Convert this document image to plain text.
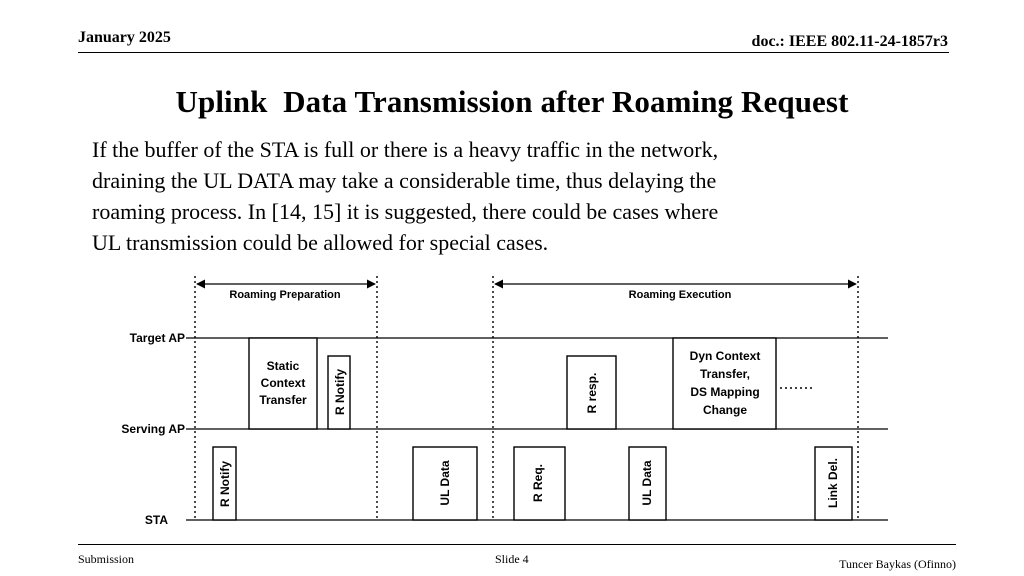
January 2025	doc.: IEEE 802.11-24-1857r3
Uplink  Data Transmission after Roaming Request

If the buffer of the STA is full or there is a heavy traffic in the network,

draining the UL DATA may take a considerable time, thus delaying the

roaming process. In [14, 15] it is suggested, there could be cases where

UL transmission could be allowed for special cases.

Roaming Preparation	Roaming Execution
Target AP
Serving AP
STA
Static
Context
Transfer R Notify	R resp.
Dyn Context
Transfer,
DS Mapping
Change
R Notify	UL Data	R Req.	UL Data	Link Del.
Submission	Slide 4	Tuncer Baykas (Ofinno)
